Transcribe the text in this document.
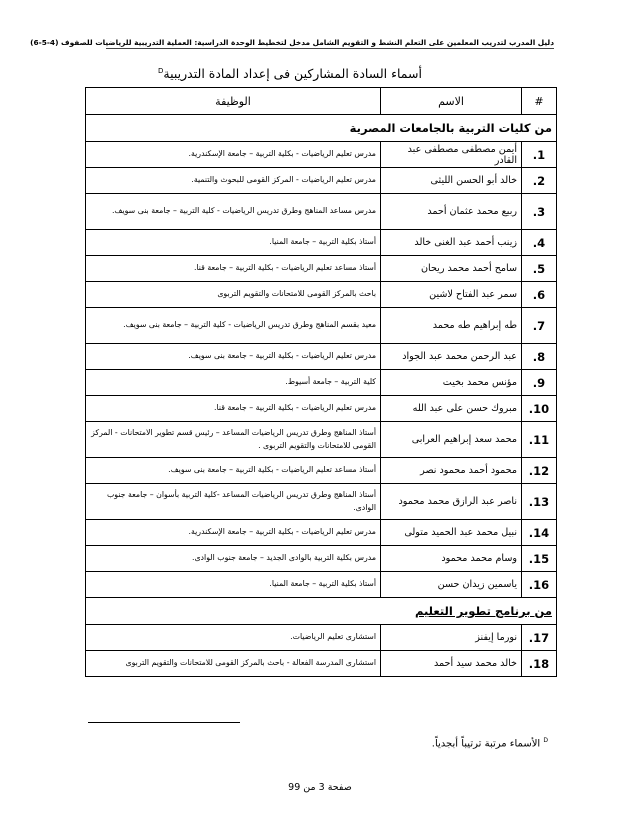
دليل المدرب لتدريب المعلمين على التعلم النشط و التقويم الشامل مدخل لتخطيط الوحدة الدراسية: العملية التدريبية للرياضيات للصفوف (4-5-6)
أسماء السادة المشاركين فى إعداد المادة التدريبية$^D$
#	الاسم	الوظيفة
من كليات التربية بالجامعات المصرية		
1.	أيمن مصطفى مصطفى عبد القادر	مدرس تعليم الرياضيات - بكلية التربية – جامعة الإسكندرية.
2.	خالد أبو الحسن الليثى	مدرس تعليم الرياضيات - المركز القومى للبحوث والتنمية.
3.	ربيع محمد عثمان أحمد	مدرس مساعد المناهج وطرق تدريس الرياضيات - كلية التربية – جامعة بنى سويف.
4.	زينب أحمد عبد الغنى خالد	أستاذ بكلية التربية – جامعة المنيا.
5.	سامح أحمد محمد ريحان	أستاذ مساعد تعليم الرياضيات - بكلية التربية – جامعة قنا.
6.	سمر عبد الفتاح لاشين	باحث بالمركز القومى للامتحانات والتقويم التربوى
7.	طه إبراهيم طه محمد	معيد بقسم المناهج وطرق تدريس الرياضيات - كلية التربية – جامعة بنى سويف.
8.	عبد الرحمن محمد عبد الجواد	مدرس تعليم الرياضيات - بكلية التربية – جامعة بنى سويف.
9.	مؤنس محمد بخيت	كلية التربية – جامعة أسيوط.
10.	مبروك حسن على عبد الله	مدرس تعليم الرياضيات - بكلية التربية – جامعة قنا.
11.	محمد سعد إبراهيم العرابى	أستاذ المناهج وطرق تدريس الرياضيات المساعد – رئيس قسم تطوير الامتحانات - المركز القومى للامتحانات والتقويم التربوى .
12.	محمود أحمد محمود نصر	أستاذ مساعد تعليم الرياضيات - بكلية التربية – جامعة بنى سويف.
13.	ناصر عبد الرازق محمد محمود	أستاذ المناهج وطرق تدريس الرياضيات المساعد -كلية التربية بأسوان – جامعة جنوب الوادى.
14.	نبيل محمد عبد الحميد متولى	مدرس تعليم الرياضيات - بكلية التربية – جامعة الإسكندرية.
15.	وسام محمد محمود	مدرس بكلية التربية بالوادى الجديد – جامعة جنوب الوادى.
16.	ياسمين زيدان حسن	أستاذ بكلية التربية – جامعة المنيا.
من برنامج تطوير التعليم		
17.	نورما إيفنز	استشارى تعليم الرياضيات.
18.	خالد محمد سيد أحمد	استشارى المدرسة الفعالة - باحث بالمركز القومى للامتحانات والتقويم التربوى
$^D$ الأسماء مرتبة ترتيباً أبجدياً.
صفحة 3 من 99
